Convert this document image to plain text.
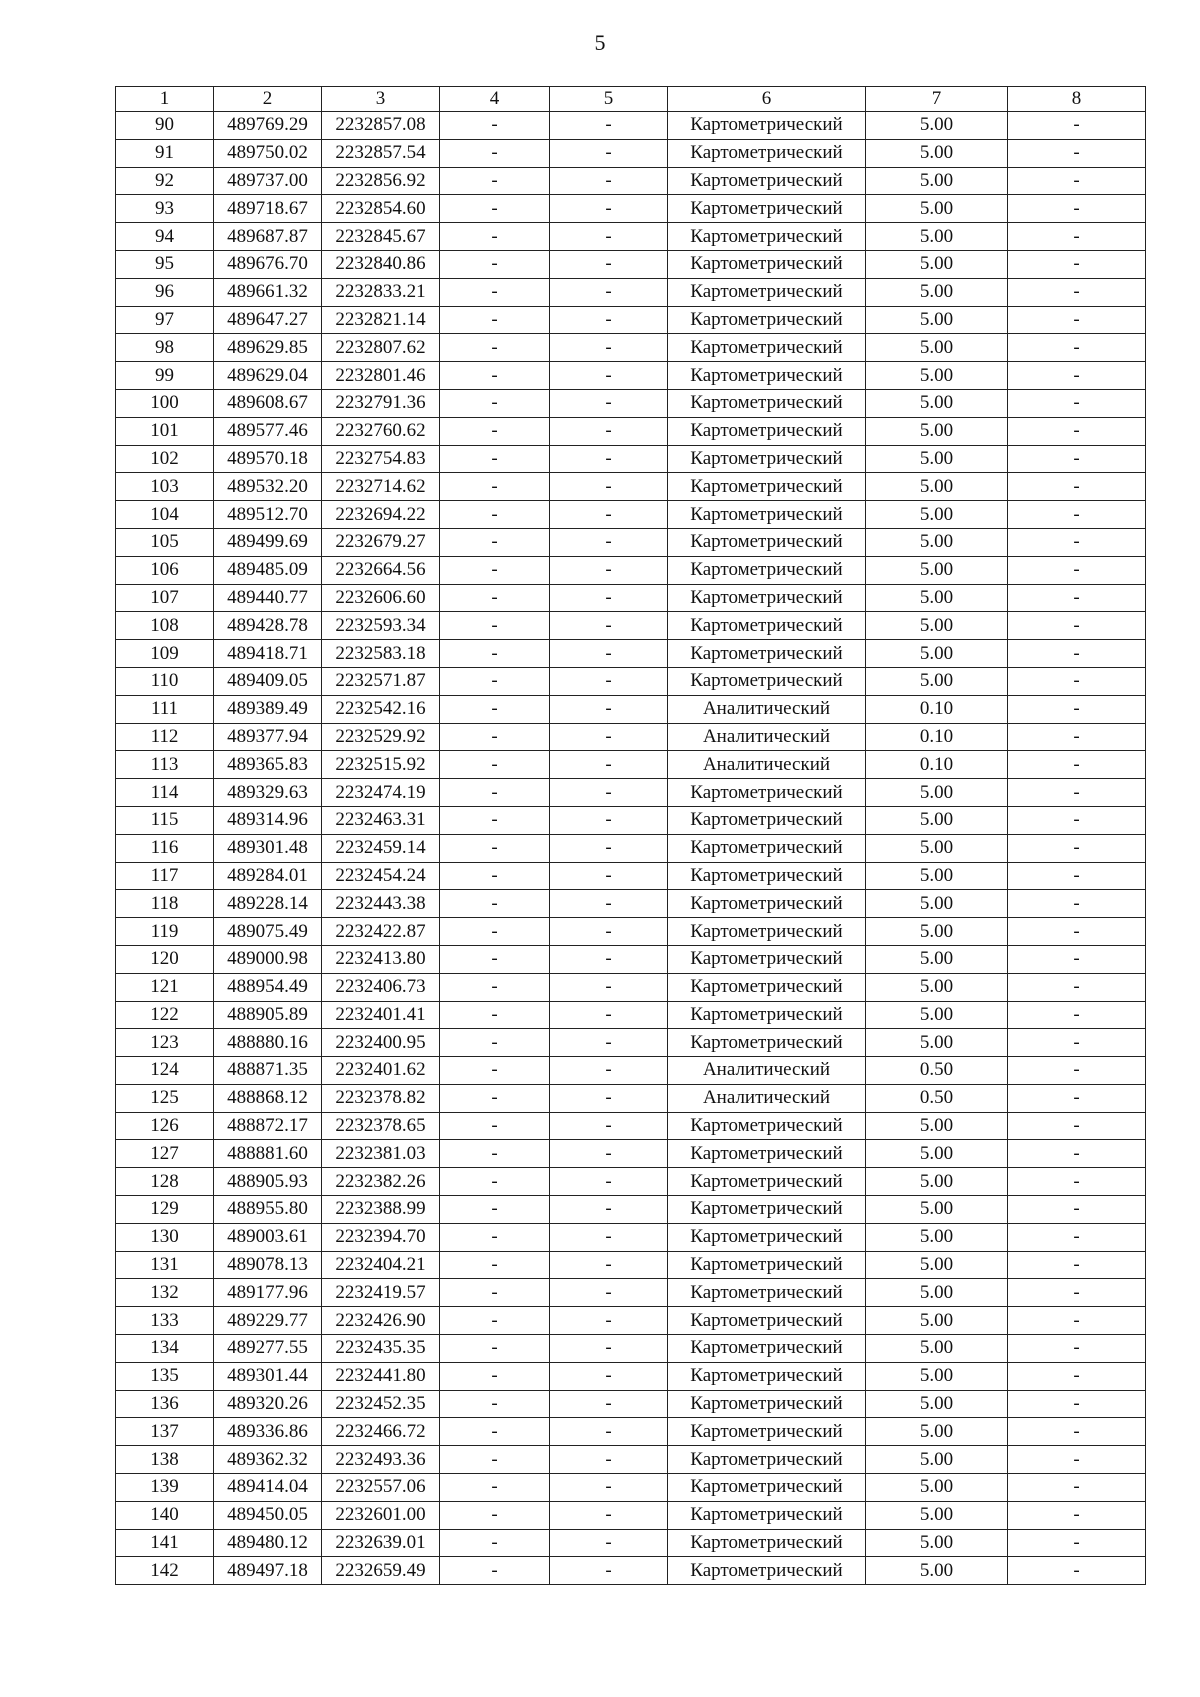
5
1	2	3	4	5	6	7	8
90	489769.29	2232857.08	-	-	Картометрический	5.00	-
91	489750.02	2232857.54	-	-	Картометрический	5.00	-
92	489737.00	2232856.92	-	-	Картометрический	5.00	-
93	489718.67	2232854.60	-	-	Картометрический	5.00	-
94	489687.87	2232845.67	-	-	Картометрический	5.00	-
95	489676.70	2232840.86	-	-	Картометрический	5.00	-
96	489661.32	2232833.21	-	-	Картометрический	5.00	-
97	489647.27	2232821.14	-	-	Картометрический	5.00	-
98	489629.85	2232807.62	-	-	Картометрический	5.00	-
99	489629.04	2232801.46	-	-	Картометрический	5.00	-
100	489608.67	2232791.36	-	-	Картометрический	5.00	-
101	489577.46	2232760.62	-	-	Картометрический	5.00	-
102	489570.18	2232754.83	-	-	Картометрический	5.00	-
103	489532.20	2232714.62	-	-	Картометрический	5.00	-
104	489512.70	2232694.22	-	-	Картометрический	5.00	-
105	489499.69	2232679.27	-	-	Картометрический	5.00	-
106	489485.09	2232664.56	-	-	Картометрический	5.00	-
107	489440.77	2232606.60	-	-	Картометрический	5.00	-
108	489428.78	2232593.34	-	-	Картометрический	5.00	-
109	489418.71	2232583.18	-	-	Картометрический	5.00	-
110	489409.05	2232571.87	-	-	Картометрический	5.00	-
111	489389.49	2232542.16	-	-	Аналитический	0.10	-
112	489377.94	2232529.92	-	-	Аналитический	0.10	-
113	489365.83	2232515.92	-	-	Аналитический	0.10	-
114	489329.63	2232474.19	-	-	Картометрический	5.00	-
115	489314.96	2232463.31	-	-	Картометрический	5.00	-
116	489301.48	2232459.14	-	-	Картометрический	5.00	-
117	489284.01	2232454.24	-	-	Картометрический	5.00	-
118	489228.14	2232443.38	-	-	Картометрический	5.00	-
119	489075.49	2232422.87	-	-	Картометрический	5.00	-
120	489000.98	2232413.80	-	-	Картометрический	5.00	-
121	488954.49	2232406.73	-	-	Картометрический	5.00	-
122	488905.89	2232401.41	-	-	Картометрический	5.00	-
123	488880.16	2232400.95	-	-	Картометрический	5.00	-
124	488871.35	2232401.62	-	-	Аналитический	0.50	-
125	488868.12	2232378.82	-	-	Аналитический	0.50	-
126	488872.17	2232378.65	-	-	Картометрический	5.00	-
127	488881.60	2232381.03	-	-	Картометрический	5.00	-
128	488905.93	2232382.26	-	-	Картометрический	5.00	-
129	488955.80	2232388.99	-	-	Картометрический	5.00	-
130	489003.61	2232394.70	-	-	Картометрический	5.00	-
131	489078.13	2232404.21	-	-	Картометрический	5.00	-
132	489177.96	2232419.57	-	-	Картометрический	5.00	-
133	489229.77	2232426.90	-	-	Картометрический	5.00	-
134	489277.55	2232435.35	-	-	Картометрический	5.00	-
135	489301.44	2232441.80	-	-	Картометрический	5.00	-
136	489320.26	2232452.35	-	-	Картометрический	5.00	-
137	489336.86	2232466.72	-	-	Картометрический	5.00	-
138	489362.32	2232493.36	-	-	Картометрический	5.00	-
139	489414.04	2232557.06	-	-	Картометрический	5.00	-
140	489450.05	2232601.00	-	-	Картометрический	5.00	-
141	489480.12	2232639.01	-	-	Картометрический	5.00	-
142	489497.18	2232659.49	-	-	Картометрический	5.00	-
